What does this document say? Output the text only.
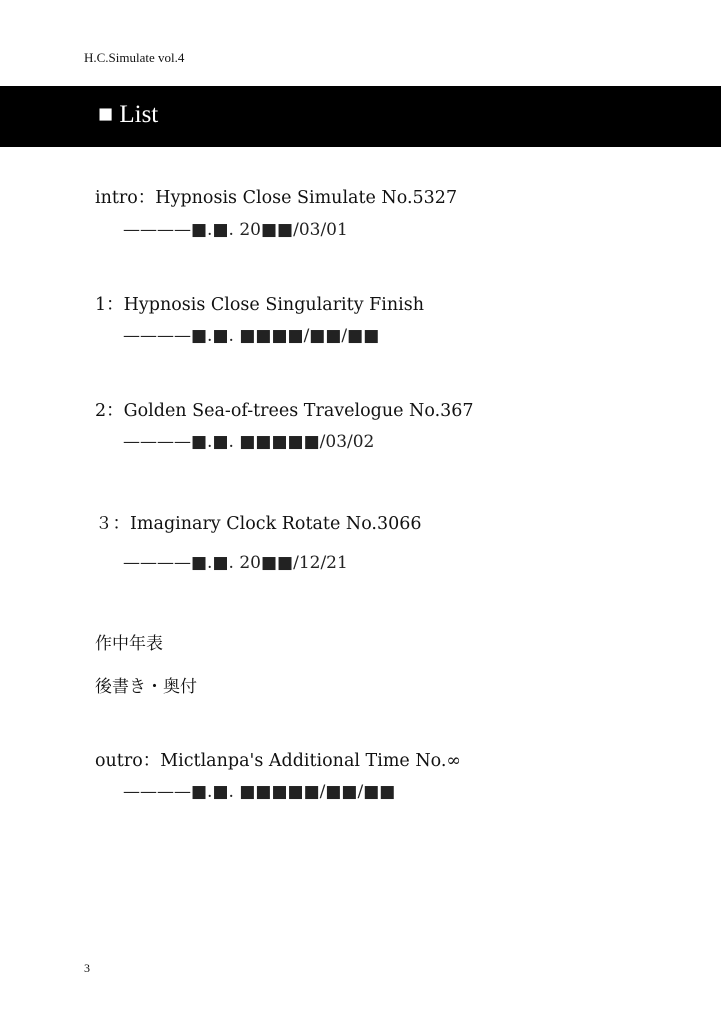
H.C.Simulate vol.4
■ List
intro：Hypnosis Close Simulate No.5327
————■.■. 20■■/03/01
1：Hypnosis Close Singularity Finish
————■.■. ■■■■/■■/■■
2：Golden Sea-of-trees Travelogue No.367
————■.■. ■■■■■/03/02
３：Imaginary Clock Rotate No.3066
————■.■. 20■■/12/21
作中年表
後書き・奥付
outro：Mictlanpa's Additional Time No.∞
————■.■. ■■■■■/■■/■■
3
